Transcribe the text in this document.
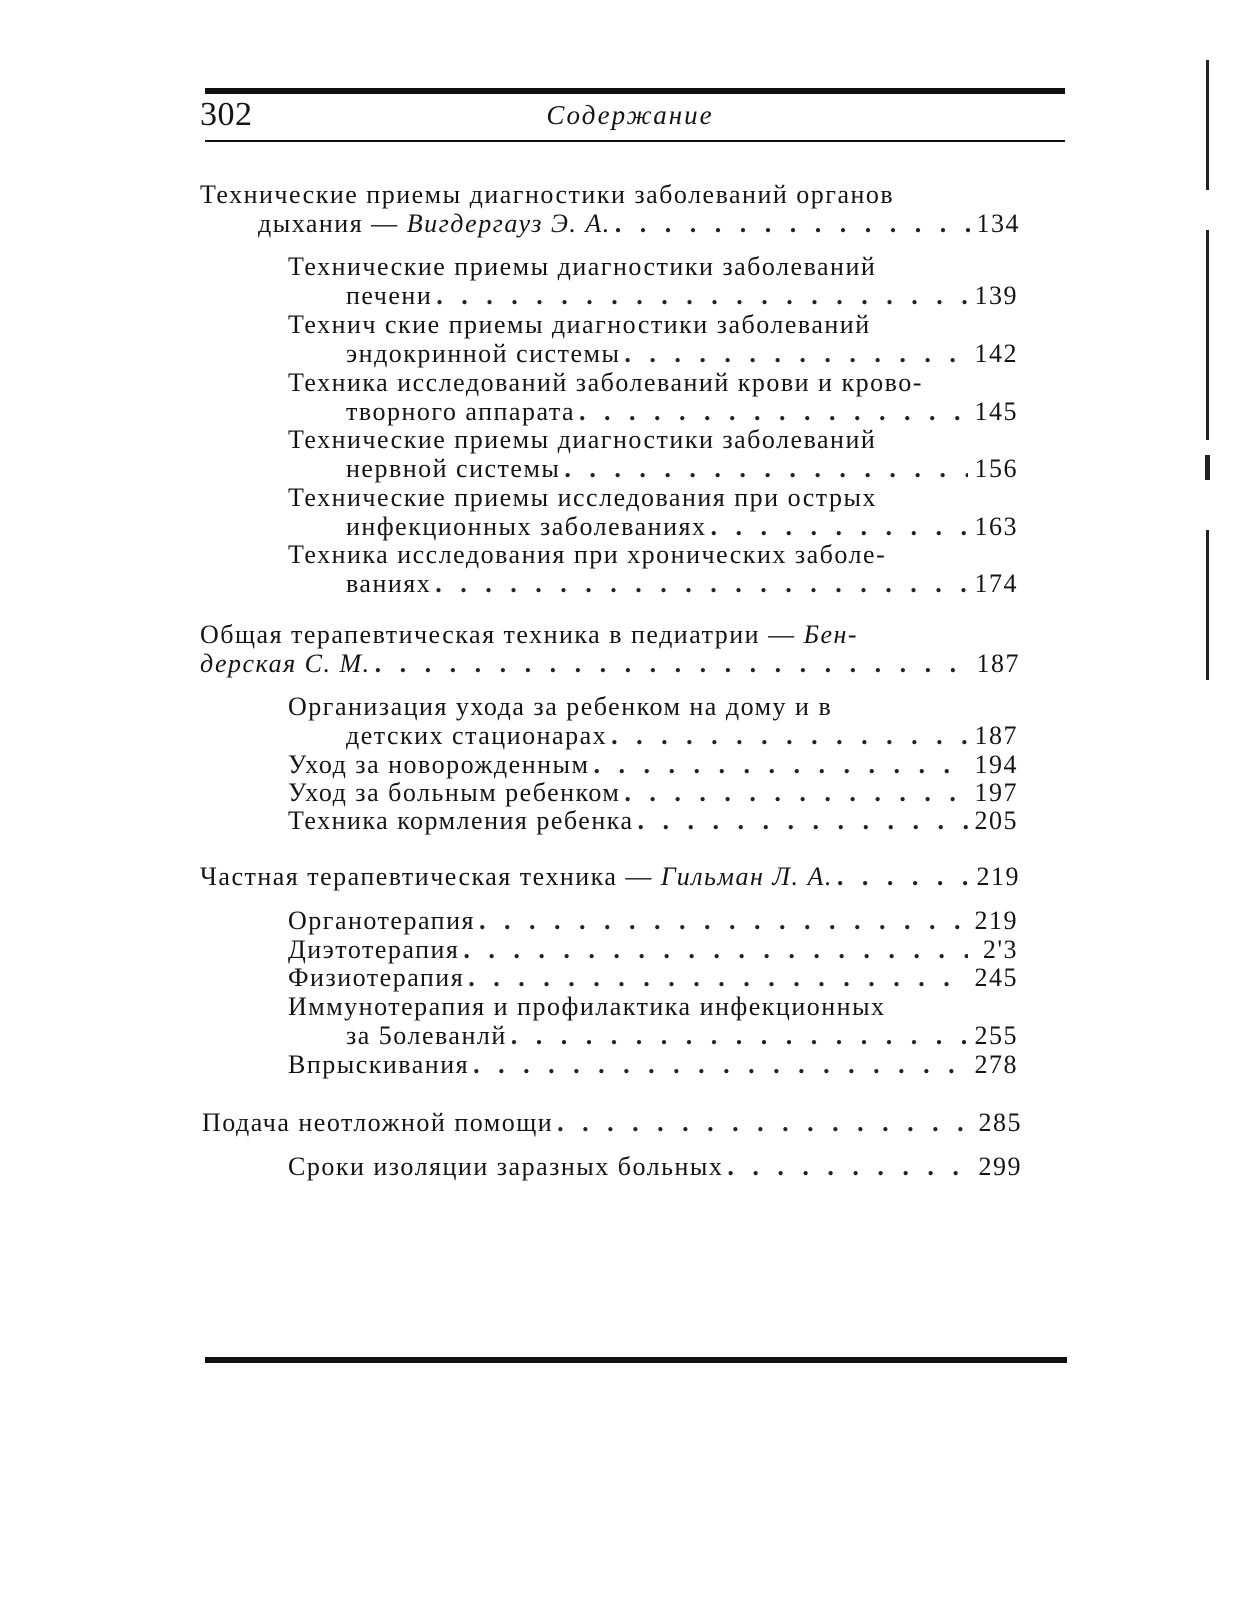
302	Содержание
Технические приемы диагностики заболеваний органов
дыхания —
Вигдергауз Э. А. . . .	134
Технические приемы диагностики заболеваний
печени . . .	139
Технич ские приемы диагностики заболеваний
эндокринной системы . . .	142
Техника исследований заболеваний крови и крово-
творного аппарата . . .	145
Технические приемы диагностики заболеваний
нервной системы . . .	156
Технические приемы исследования при острых
инфекционных заболеваниях . . .	163
Техника исследования при хронических заболе-
ваниях . . .	174
Общая терапевтическая техника в педиатрии — Бен-
дерская С. М. . . .	187
Организация ухода за ребенком на дому и в
детских стационарах . . .	187
Уход за новорожденным . . .	194
Уход за больным ребенком . . .	197
Техника кормления ребенка . . .	205
Частная терапевтическая техника —
Гильман Л. А. . . .	219
Органотерапия . . .	219
Диэтотерапия . . .	2'3
Физиотерапия . . .	245
Иммунотерапия и профилактика инфекционных
за 5олеванлй . . .	255
Впрыскивания . . .	278
Подача неотложной помощи . . .	285
Сроки изоляции заразных больных . . .	299
